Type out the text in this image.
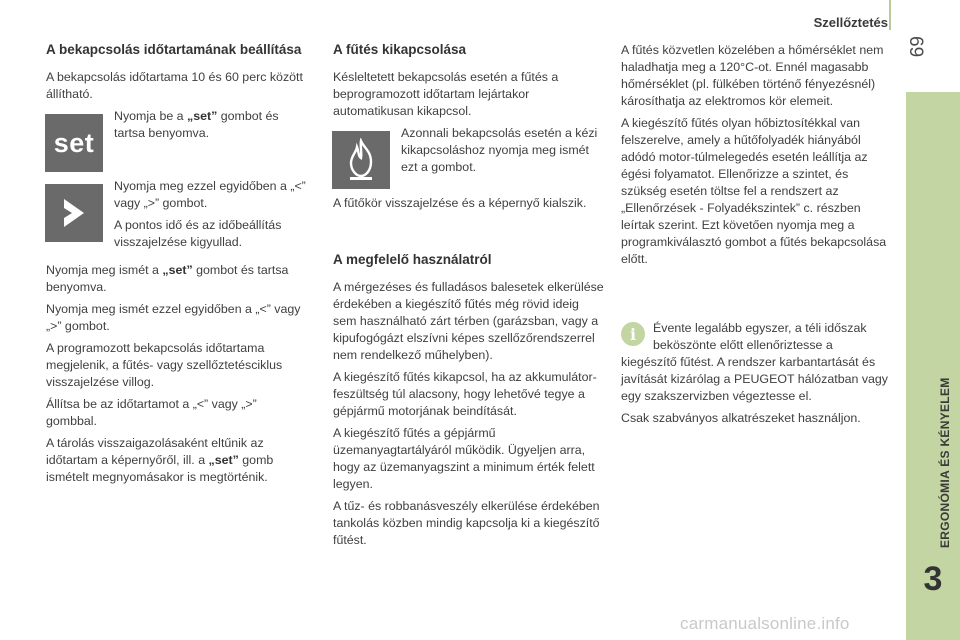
Szellőztetés
69
ERGONÓMIA ÉS KÉNYELEM
3
A bekapcsolás időtartamának beállítása

A bekapcsolás időtartama 10 és 60 perc között állítható.

set

Nyomja be a „set” gombot és tartsa benyomva.

Nyomja meg ezzel egyidőben a „<” vagy „>” gombot.

A pontos idő és az időbeállítás visszajelzése kigyullad.

Nyomja meg ismét a „set” gombot és tartsa benyomva.

Nyomja meg ismét ezzel egyidőben a „<” vagy „>” gombot.

A programozott bekapcsolás időtartama megjelenik, a fűtés- vagy szellőztetésciklus visszajelzése villog.

Állítsa be az időtartamot a „<” vagy „>” gombbal.

A tárolás visszaigazolásaként eltűnik az időtartam a képernyőről, ill. a „set” gomb ismételt megnyomásakor is megtörténik.

A fűtés kikapcsolása

Késleltetett bekapcsolás esetén a fűtés a beprogramozott időtartam lejártakor automatikusan kikapcsol.

Azonnali bekapcsolás esetén a kézi kikapcsoláshoz nyomja meg ismét ezt a gombot.

A fűtőkör visszajelzése és a képernyő kialszik.

A megfelelő használatról

A mérgezéses és fulladásos balesetek elkerülése érdekében a kiegészítő fűtés még rövid ideig sem használható zárt térben (garázsban, vagy a kipufogógázt elszívni képes szellőzőrendszerrel nem rendelkező műhelyben).

A kiegészítő fűtés kikapcsol, ha az akkumulátor-feszültség túl alacsony, hogy lehetővé tegye a gépjármű motorjának beindítását.

A kiegészítő fűtés a gépjármű üzemanyagtartályáról működik. Ügyeljen arra, hogy az üzemanyagszint a minimum érték felett legyen.

A tűz- és robbanásveszély elkerülése érdekében tankolás közben mindig kapcsolja ki a kiegészítő fűtést.

A fűtés közvetlen közelében a hőmérséklet nem haladhatja meg a 120°C-ot. Ennél magasabb hőmérséklet (pl. fülkében történő fényezésnél) károsíthatja az elektromos kör elemeit.

A kiegészítő fűtés olyan hőbiztosítékkal van felszerelve, amely a hűtőfolyadék hiányából adódó motor-túlmelegedés esetén leállítja az égési folyamatot. Ellenőrizze a szintet, és szükség esetén töltse fel a rendszert az „Ellenőrzések - Folyadékszintek” c. részben leírtak szerint. Ezt követően nyomja meg a programkiválasztó gombot a fűtés bekapcsolása előtt.

i	Évente legalább egyszer, a téli időszak beköszönte előtt ellenőriztesse a kiegészítő fűtést. A rendszer karbantartását és javítását kizárólag a PEUGEOT hálózatban vagy egy szakszervizben végeztesse el.

Csak szabványos alkatrészeket használjon.

carmanualsonline.info
